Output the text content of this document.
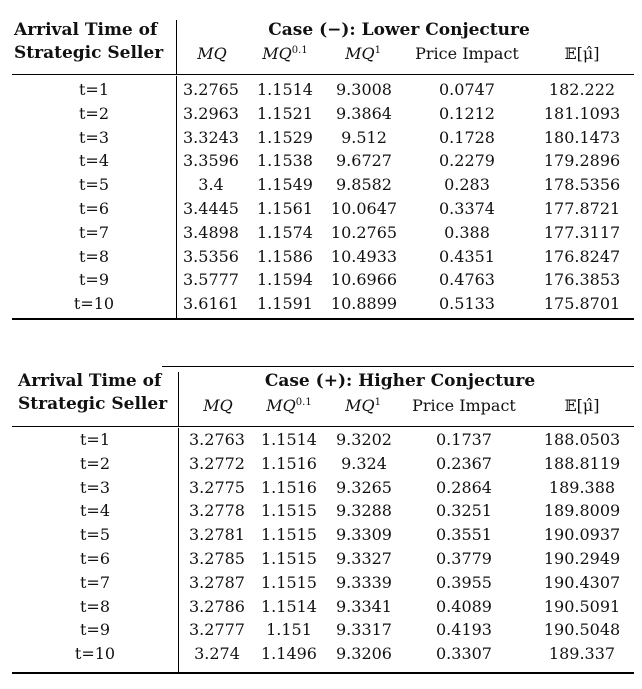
Arrival Time of
Strategic Seller
Case (−): Lower Conjecture
MQ	$MQ^{0.1}$	$MQ^1$	Price Impact	𝔼[μ̂]
t=1	3.2765 1.1514	9.3008	0.0747	182.222
t=2	3.2963 1.1521	9.3864	0.1212	181.1093
t=3	3.3243 1.1529	9.512	0.1728	180.1473
t=4	3.3596 1.1538	9.6727	0.2279	179.2896
t=5	3.4	1.1549	9.8582	0.283	178.5356
t=6	3.4445 1.1561 10.0647	0.3374	177.8721
t=7	3.4898 1.1574 10.2765	0.388	177.3117
t=8	3.5356 1.1586 10.4933	0.4351	176.8247
t=9	3.5777 1.1594 10.6966	0.4763	176.3853
t=10	3.6161 1.1591 10.8899	0.5133	175.8701
Arrival Time of
Strategic Seller
Case (+): Higher Conjecture
MQ	$MQ^{0.1}$	$MQ^1$	Price Impact	𝔼[μ̂]
t=1	3.2763 1.1514	9.3202	0.1737	188.0503
t=2	3.2772 1.1516	9.324	0.2367	188.8119
t=3	3.2775 1.1516	9.3265	0.2864	189.388
t=4	3.2778 1.1515	9.3288	0.3251	189.8009
t=5	3.2781 1.1515	9.3309	0.3551	190.0937
t=6	3.2785 1.1515	9.3327	0.3779	190.2949
t=7	3.2787 1.1515	9.3339	0.3955	190.4307
t=8	3.2786 1.1514	9.3341	0.4089	190.5091
t=9	3.2777	1.151	9.3317	0.4193	190.5048
t=10	3.274	1.1496	9.3206	0.3307	189.337
